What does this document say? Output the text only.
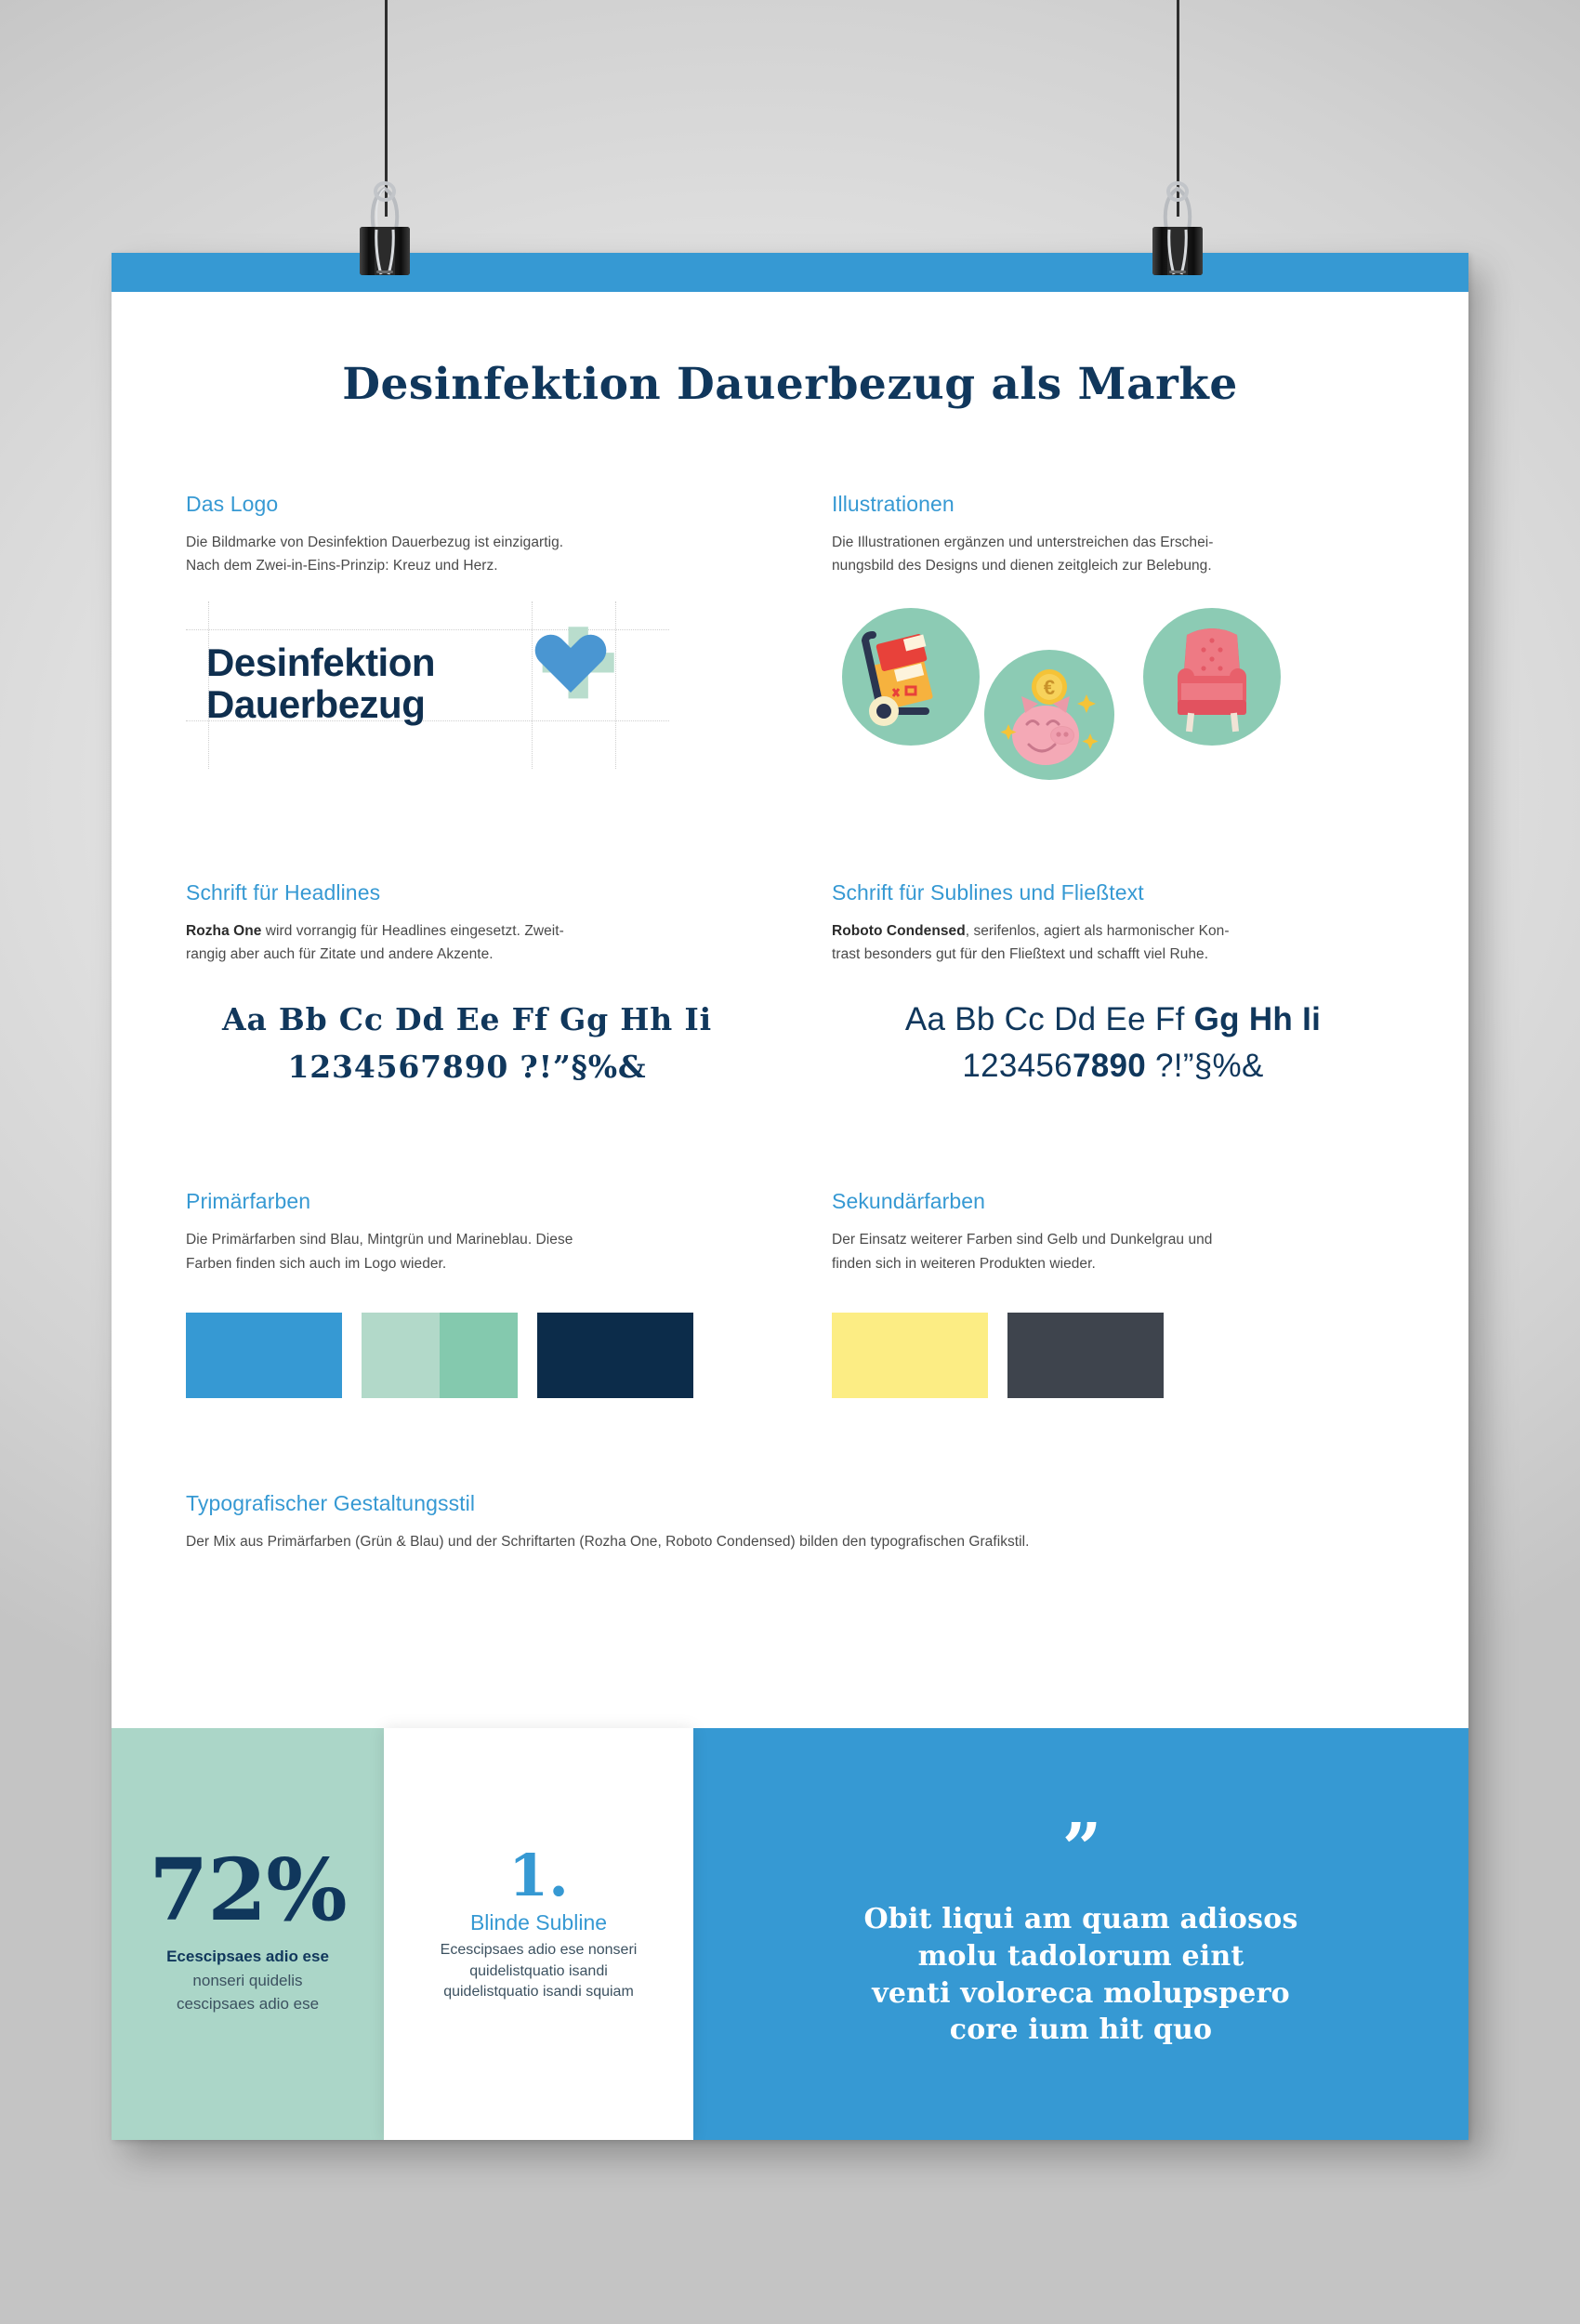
Desinfektion Dauerbezug als Marke
Das Logo
Die Bildmarke von Desinfektion Dauerbezug ist einzigartig.
Nach dem Zwei-in-Eins-Prinzip: Kreuz und Herz.
Desinfektion
Dauerbezug
Illustrationen
Die Illustrationen ergänzen und unterstreichen das Erschei-
nungsbild des Designs und dienen zeitgleich zur Belebung.
€
Schrift für Headlines
Rozha One wird vorrangig für Headlines eingesetzt. Zweit-
rangig aber auch für Zitate und andere Akzente.
Aa Bb Cc Dd Ee Ff Gg Hh Ii
1234567890 ?!”§%&
Schrift für Sublines und Fließtext
Roboto Condensed, serifenlos, agiert als harmonischer Kon-
trast besonders gut für den Fließtext und schafft viel Ruhe.
Aa Bb Cc Dd Ee Ff Gg Hh Ii
1234567890 ?!”§%&
Primärfarben
Die Primärfarben sind Blau, Mintgrün und Marineblau. Diese
Farben finden sich auch im Logo wieder.
Sekundärfarben
Der Einsatz weiterer Farben sind Gelb und Dunkelgrau und
finden sich in weiteren Produkten wieder.
Typografischer Gestaltungsstil
Der Mix aus Primärfarben (Grün & Blau) und der Schriftarten (Rozha One, Roboto Condensed) bilden den typografischen Grafikstil.
72%
Ecescipsaes adio ese
nonseri quidelis
cescipsaes adio ese
1.
Blinde Subline
Ecescipsaes adio ese nonseri
quidelistquatio isandi
quidelistquatio isandi squiam
”
Obit liqui am quam adiosos
molu tadolorum eint
venti voloreca molupspero
core ium hit quo
